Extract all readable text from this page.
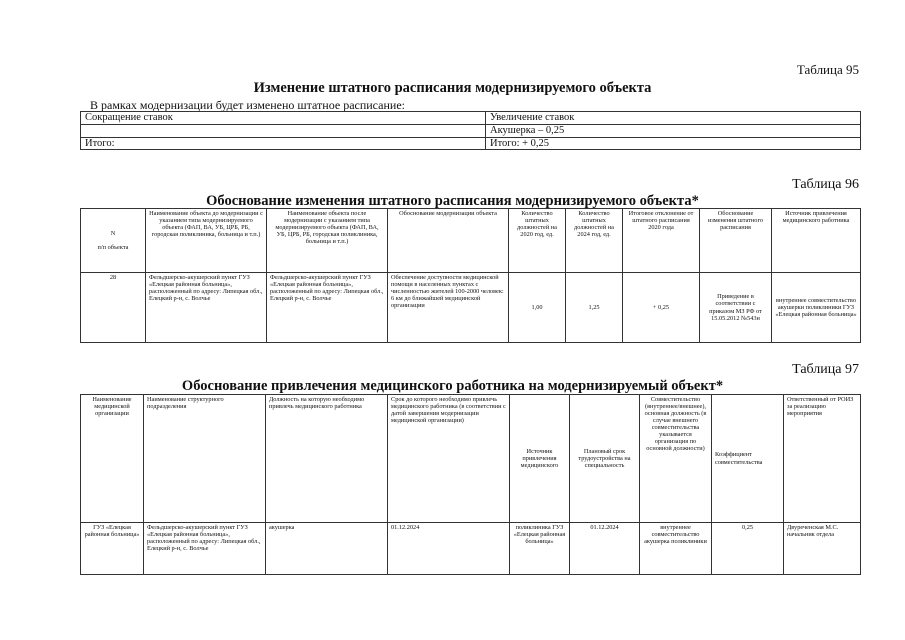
Таблица 95
Изменение штатного расписания модернизируемого объекта
В рамках модернизации будет изменено штатное расписание:
Сокращение ставок	Увеличение ставок
	Акушерка – 0,25
Итого:	Итого: + 0,25
Таблица 96
Обоснование изменения штатного расписания модернизируемого объекта*
N

п/п объекта	Наименование объекта до модернизации с указанием типа модернизируемого объекта (ФАП, ВА, УБ, ЦРБ, РБ, городская поликлиника, больница и т.п.)	Наименование объекта после модернизации с указанием типа модернизируемого объекта (ФАП, ВА, УБ, ЦРБ, РБ, городская поликлиника, больница и т.п.)	Обоснование модернизации объекта	Количество штатных должностей на 2020 год, ед.	Количество штатных должностей на 2024 год, ед.	Итоговое отклонение от штатного расписания 2020 года	Обоснование изменения штатного расписания	Источник привлечения медицинского работника
28	Фельдшерско-акушерский пункт ГУЗ «Елецкая районная больница», расположенный по адресу: Липецкая обл., Елецкий р-н, с. Волчье	Фельдшерско-акушерский пункт ГУЗ «Елецкая районная больница», расположенный по адресу: Липецкая обл., Елецкий р-н, с. Волчье	Обеспечение доступности медицинской помощи в населенных пунктах с численностью жителей 100-2000 человек: 6 км до ближайшей медицинской организации	1,00	1,25	+ 0,25	Приведение в соответствии с приказом МЗ РФ от 15.05.2012 №543н	внутреннее совместительство акушерки поликлиники ГУЗ «Елецкая районная больница»
Таблица 97
Обоснование привлечения медицинского работника на модернизируемый объект*
Наименование медицинской организации	Наименование структурного подразделения	Должность на которую необходимо привлечь медицинского работника	Срок до которого необходимо привлечь медицинского работника (в соответствии с датой завершения модернизации медицинской организации)	Источник привлечения медицинского	Плановый срок трудоустройства на специальность	Совместительство (внутреннее/внешнее), основная должность (в случае внешнего совместительства указывается организация по основной должности)	Коэффициент совместительства	Ответственный от РОИЗ за реализацию мероприятия
ГУЗ «Елецкая районная больница»	Фельдшерско-акушерский пункт ГУЗ «Елецкая районная больница», расположенный по адресу: Липецкая обл., Елецкий р-н, с. Волчье	акушерка	01.12.2024	поликлиника ГУЗ «Елецкая районная больница»	01.12.2024	внутреннее совместительство акушерка поликлиники	0,25	Двуреченская М.С. начальник отдела
